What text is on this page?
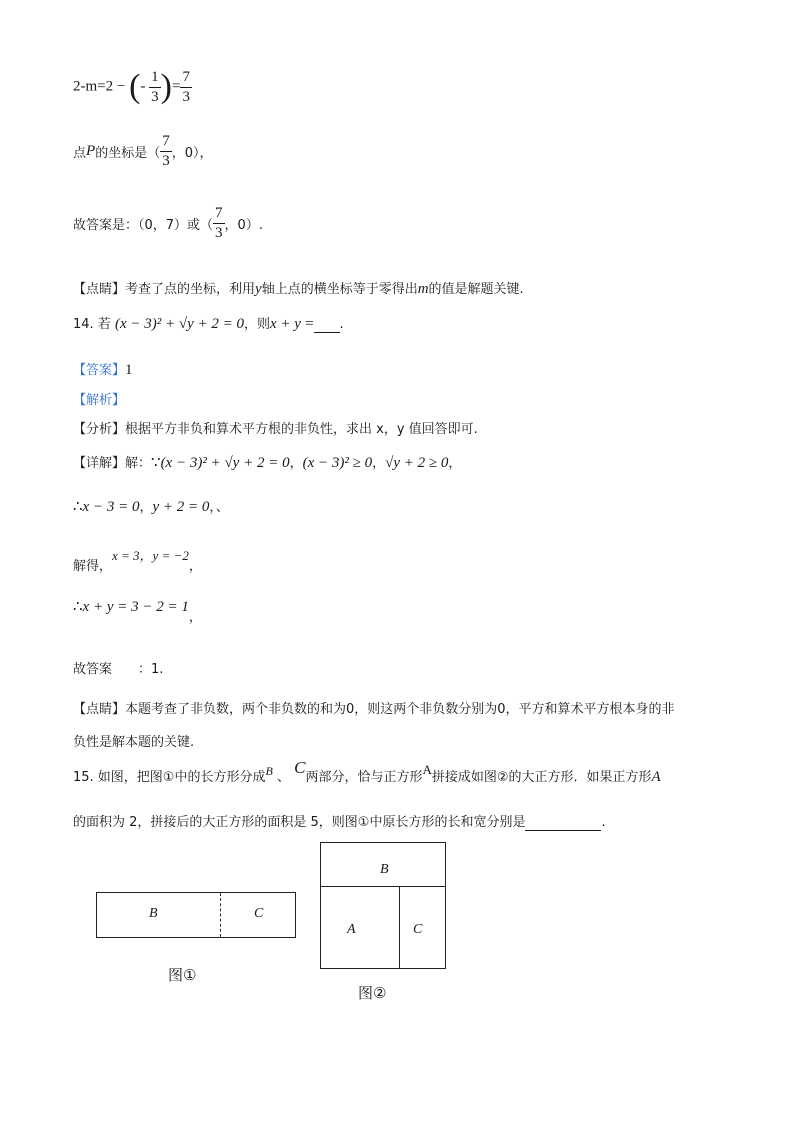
2-m=2 − (- $\frac{1}{3}$ )= $\frac{7}{3}$
点P的坐标是（ $\frac{7}{3}$ ，0），
故答案是：（0，7）或（ $\frac{7}{3}$ ，0）.
【点睛】考查了点的坐标，利用y轴上点的横坐标等于零得出m的值是解题关键.
14. 若 (x − 3)² + √y + 2 = 0，则x + y = .
【答案】1
【解析】
【分析】根据平方非负和算术平方根的非负性，求出 x，y 值回答即可.
【详解】解：∵(x − 3)² + √y + 2 = 0，(x − 3)² ≥ 0，√y + 2 ≥ 0，
∴x − 3 = 0，y + 2 = 0，、
解得，x = 3，y = −2，
∴x + y = 3 − 2 = 1，
故答案 ：1.
【点睛】本题考查了非负数，两个非负数的和为0，则这两个非负数分别为0，平方和算术平方根本身的非
负性是解本题的关键.
15. 如图，把图①中的长方形分成B 、 C两部分，恰与正方形A拼接成如图②的大正方形．如果正方形A
的面积为 2，拼接后的大正方形的面积是 5，则图①中原长方形的长和宽分别是	.
B	C
图①
B
A	C
图②
